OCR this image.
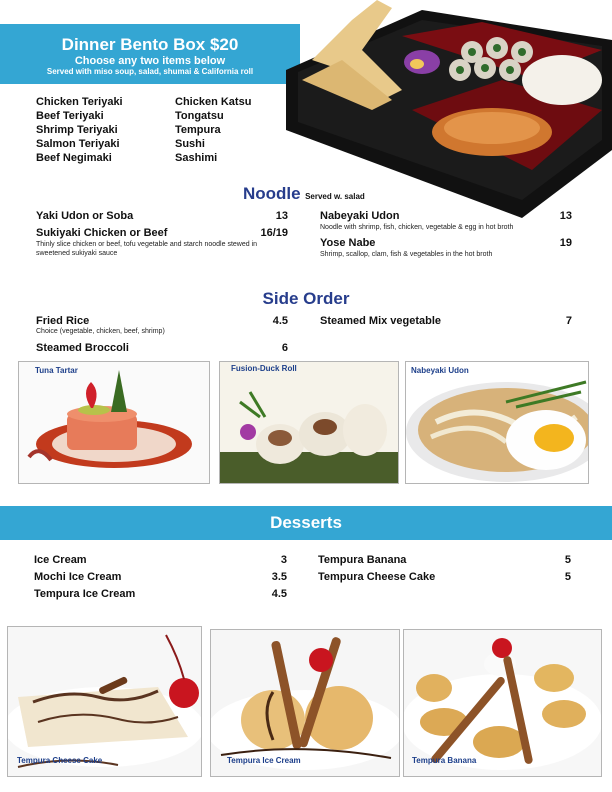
Dinner Bento Box $20
Choose any two items below
Served with miso soup, salad, shumai & California roll
Chicken Teriyaki
Beef Teriyaki
Shrimp Teriyaki
Salmon Teriyaki
Beef Negimaki
Chicken Katsu
Tongatsu
Tempura
Sushi
Sashimi
Noodle Served w. salad
Yaki Udon or Soba	13
Sukiyaki Chicken or Beef	16/19
Thinly slice chicken or beef, tofu vegetable and starch noodle stewed in sweetened sukiyaki sauce
Nabeyaki Udon	13
Noodle with shrimp, fish, chicken, vegetable & egg in hot broth
Yose Nabe	19
Shrimp, scallop, clam, fish & vegetables in the hot broth
Side Order
Fried Rice	4.5
Choice (vegetable, chicken, beef, shrimp)
Steamed Broccoli	6
Steamed Mix vegetable	7
Tuna Tartar	Fusion-Duck Roll	Nabeyaki Udon
Desserts
Ice Cream	3
Mochi Ice Cream	3.5
Tempura Ice Cream	4.5
Tempura Banana	5
Tempura Cheese Cake	5
Tempura Cheese Cake	Tempura Ice Cream	Tempura Banana
